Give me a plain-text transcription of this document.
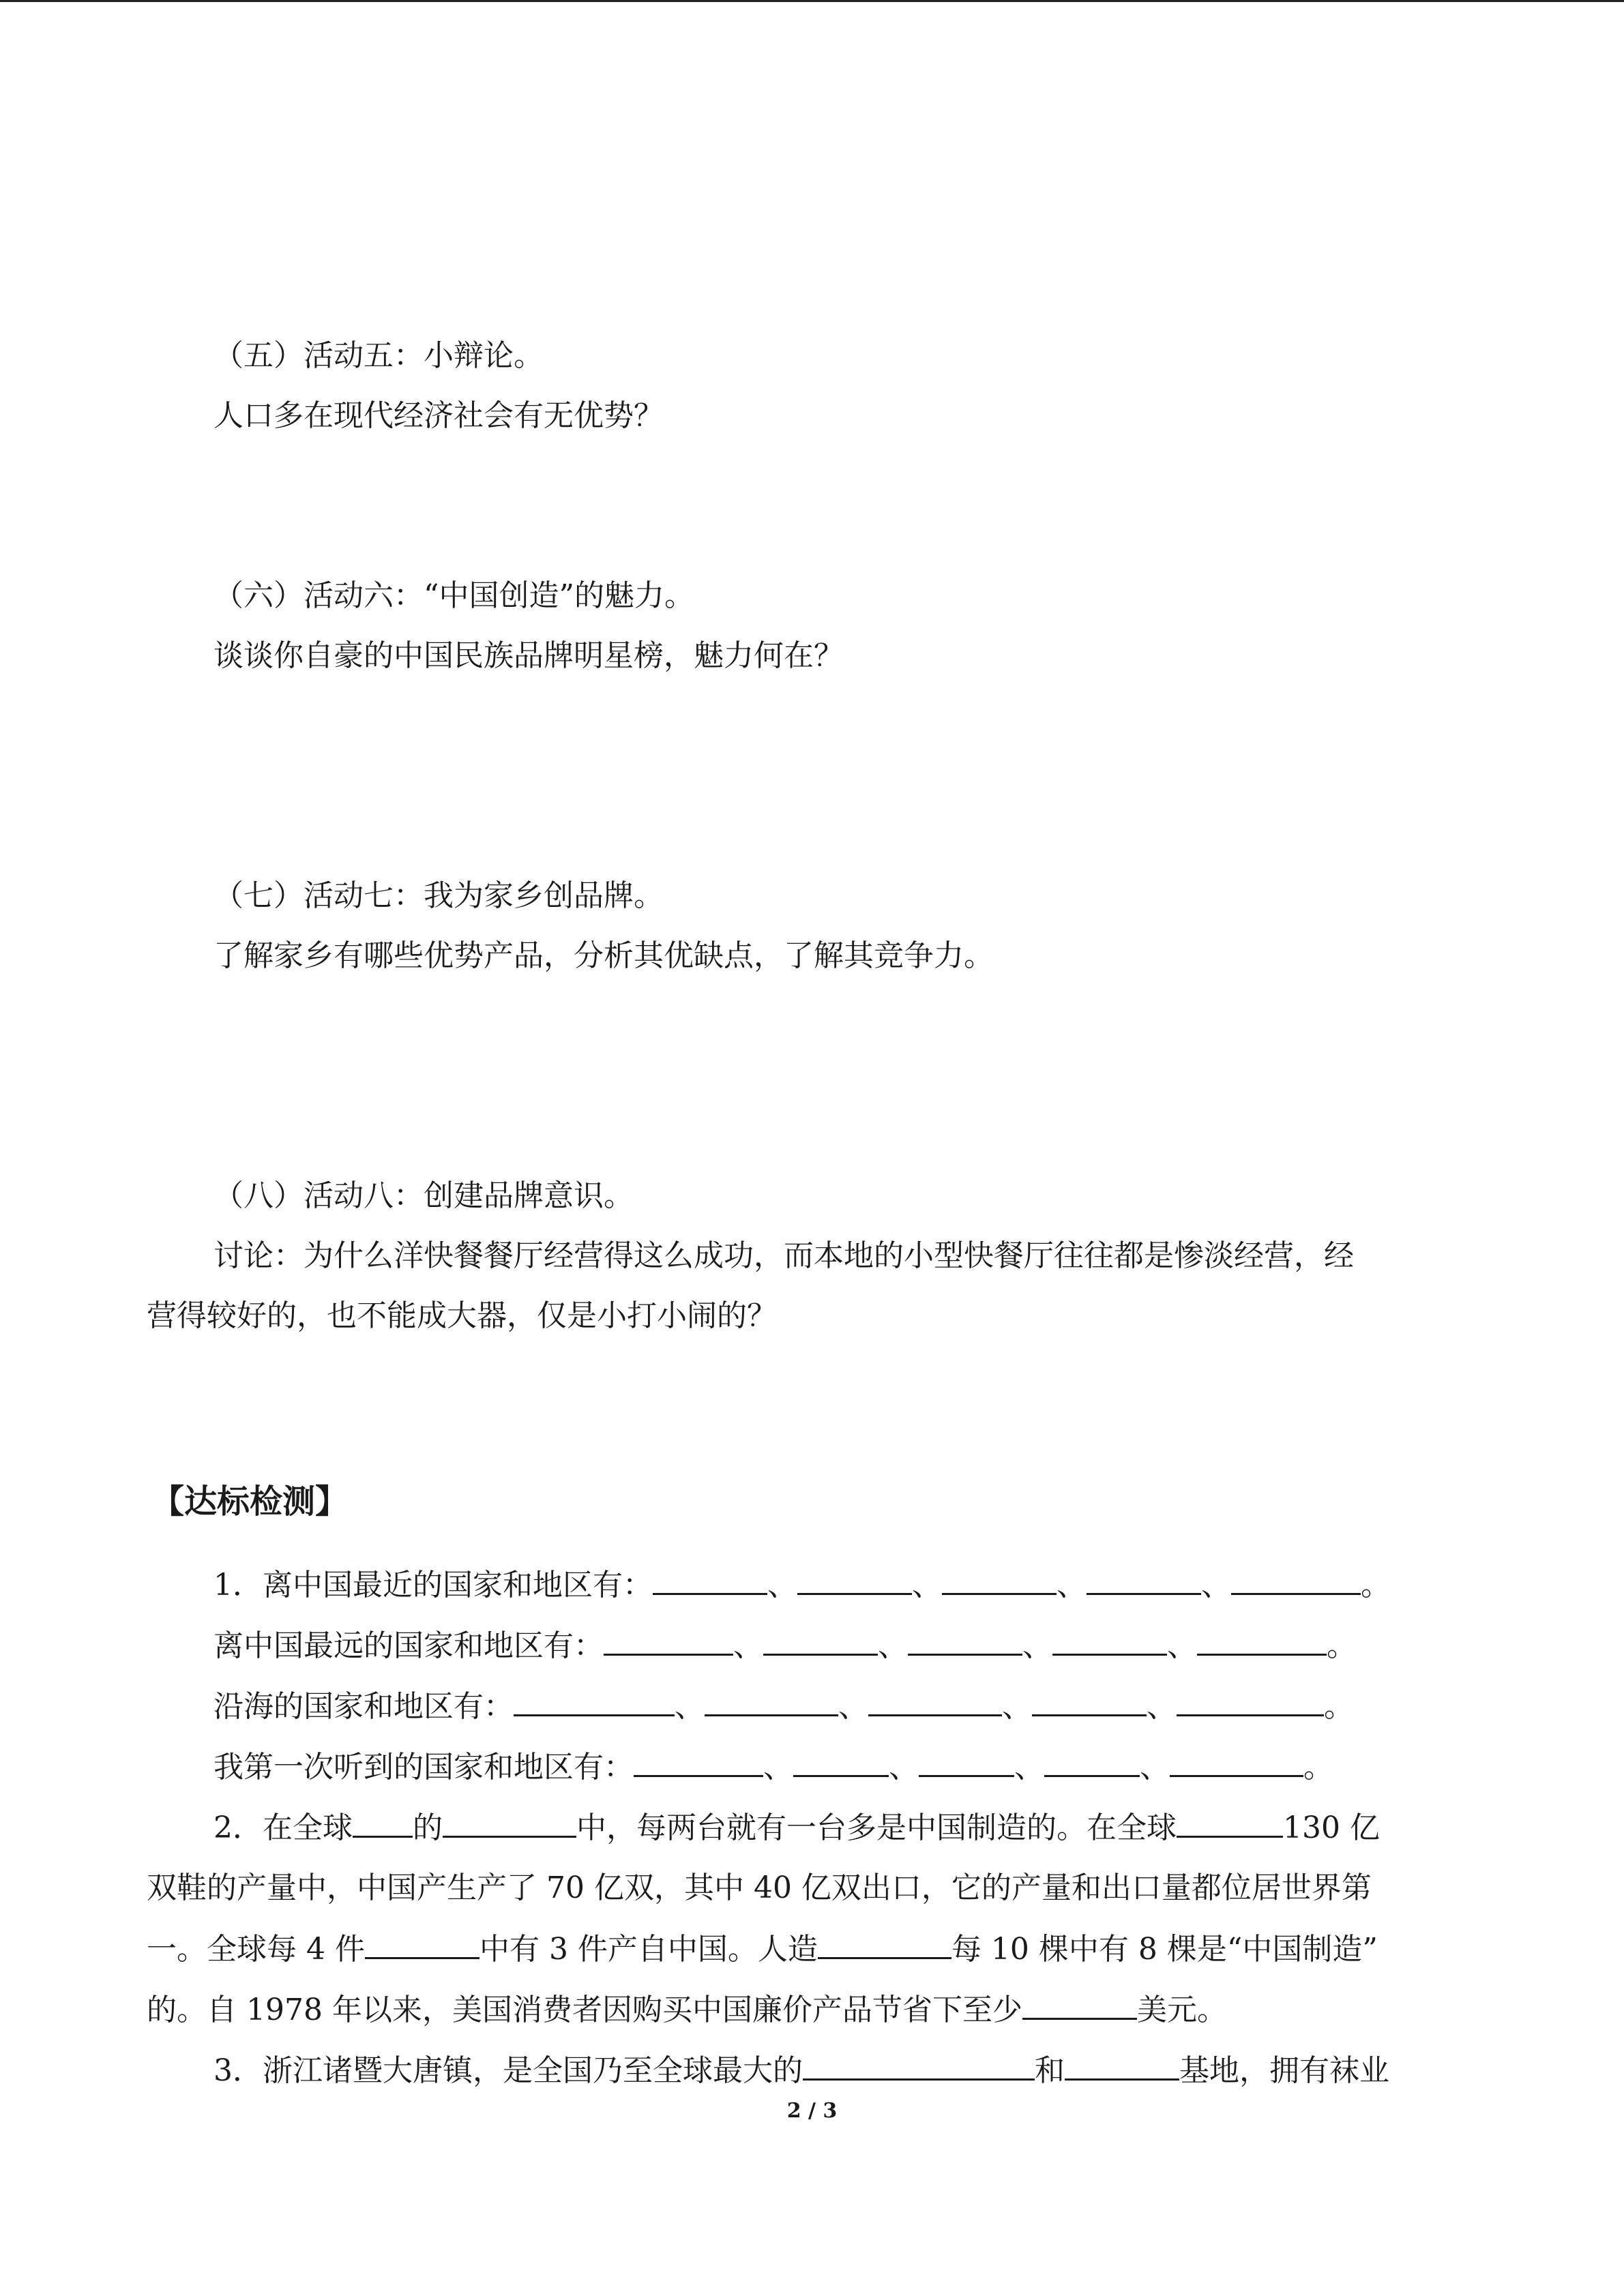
（五）活动五：小辩论。
人口多在现代经济社会有无优势？
（六）活动六：“中国创造”的魅力。
谈谈你自豪的中国民族品牌明星榜，魅力何在？
（七）活动七：我为家乡创品牌。
了解家乡有哪些优势产品，分析其优缺点，了解其竞争力。
（八）活动八：创建品牌意识。
讨论：为什么洋快餐餐厅经营得这么成功，而本地的小型快餐厅往往都是惨淡经营，经
营得较好的，也不能成大器，仅是小打小闹的？
【达标检测】
1．离中国最近的国家和地区有：	、	、	、	、	。
离中国最远的国家和地区有：	、	、	、	、	。
沿海的国家和地区有：	、	、	、	、	。
我第一次听到的国家和地区有：	、	、	、	、	。
2．在全球 的	中，每两台就有一台多是中国制造的。在全球	130 亿
双鞋的产量中，中国产生产了 70 亿双，其中 40 亿双出口，它的产量和出口量都位居世界第
一。全球每 4 件	中有 3 件产自中国。人造	每 10 棵中有 8 棵是“中国制造”
的。自 1978 年以来，美国消费者因购买中国廉价产品节省下至少	美元。
3．浙江诸暨大唐镇，是全国乃至全球最大的	和	基地，拥有袜业
2 / 3
